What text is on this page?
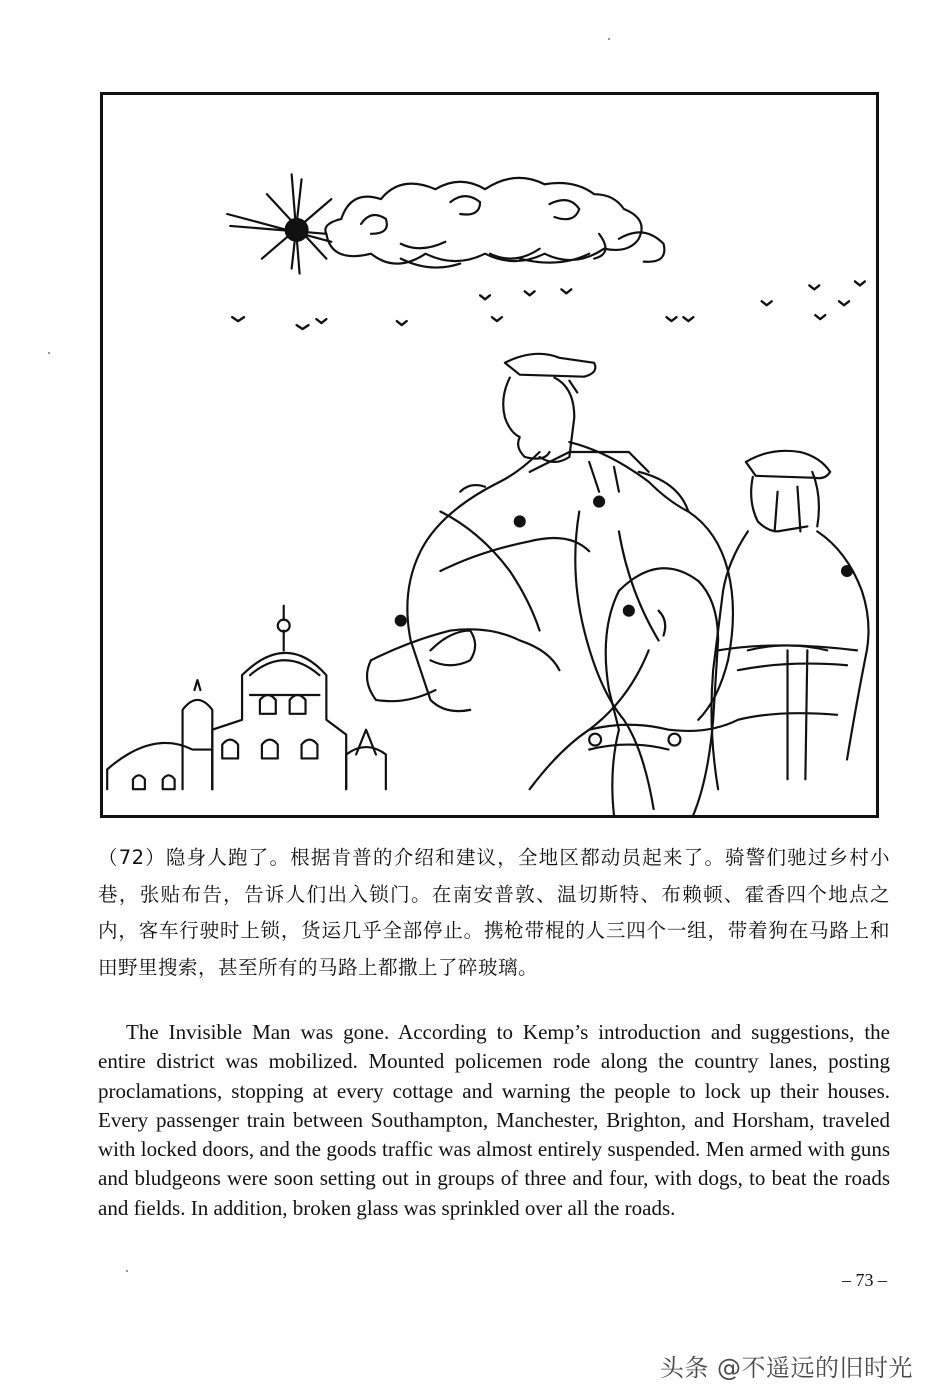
（72）隐身人跑了。根据肯普的介绍和建议，全地区都动员起来了。骑警们驰过乡村小巷，张贴布告，告诉人们出入锁门。在南安普敦、温切斯特、布赖顿、霍香四个地点之内，客车行驶时上锁，货运几乎全部停止。携枪带棍的人三四个一组，带着狗在马路上和田野里搜索，甚至所有的马路上都撒上了碎玻璃。

The Invisible Man was gone. According to Kemp’s introduction and suggestions, the entire district was mobilized. Mounted policemen rode along the country lanes, posting proclamations, stopping at every cottage and warning the people to lock up their houses. Every passenger train between Southampton, Manchester, Brighton, and Horsham, traveled with locked doors, and the goods traffic was almost entirely suspended. Men armed with guns and bludgeons were soon setting out in groups of three and four, with dogs, to beat the roads and fields. In addition, broken glass was sprinkled over all the roads.

– 73 –

头条 @不遥远的旧时光
